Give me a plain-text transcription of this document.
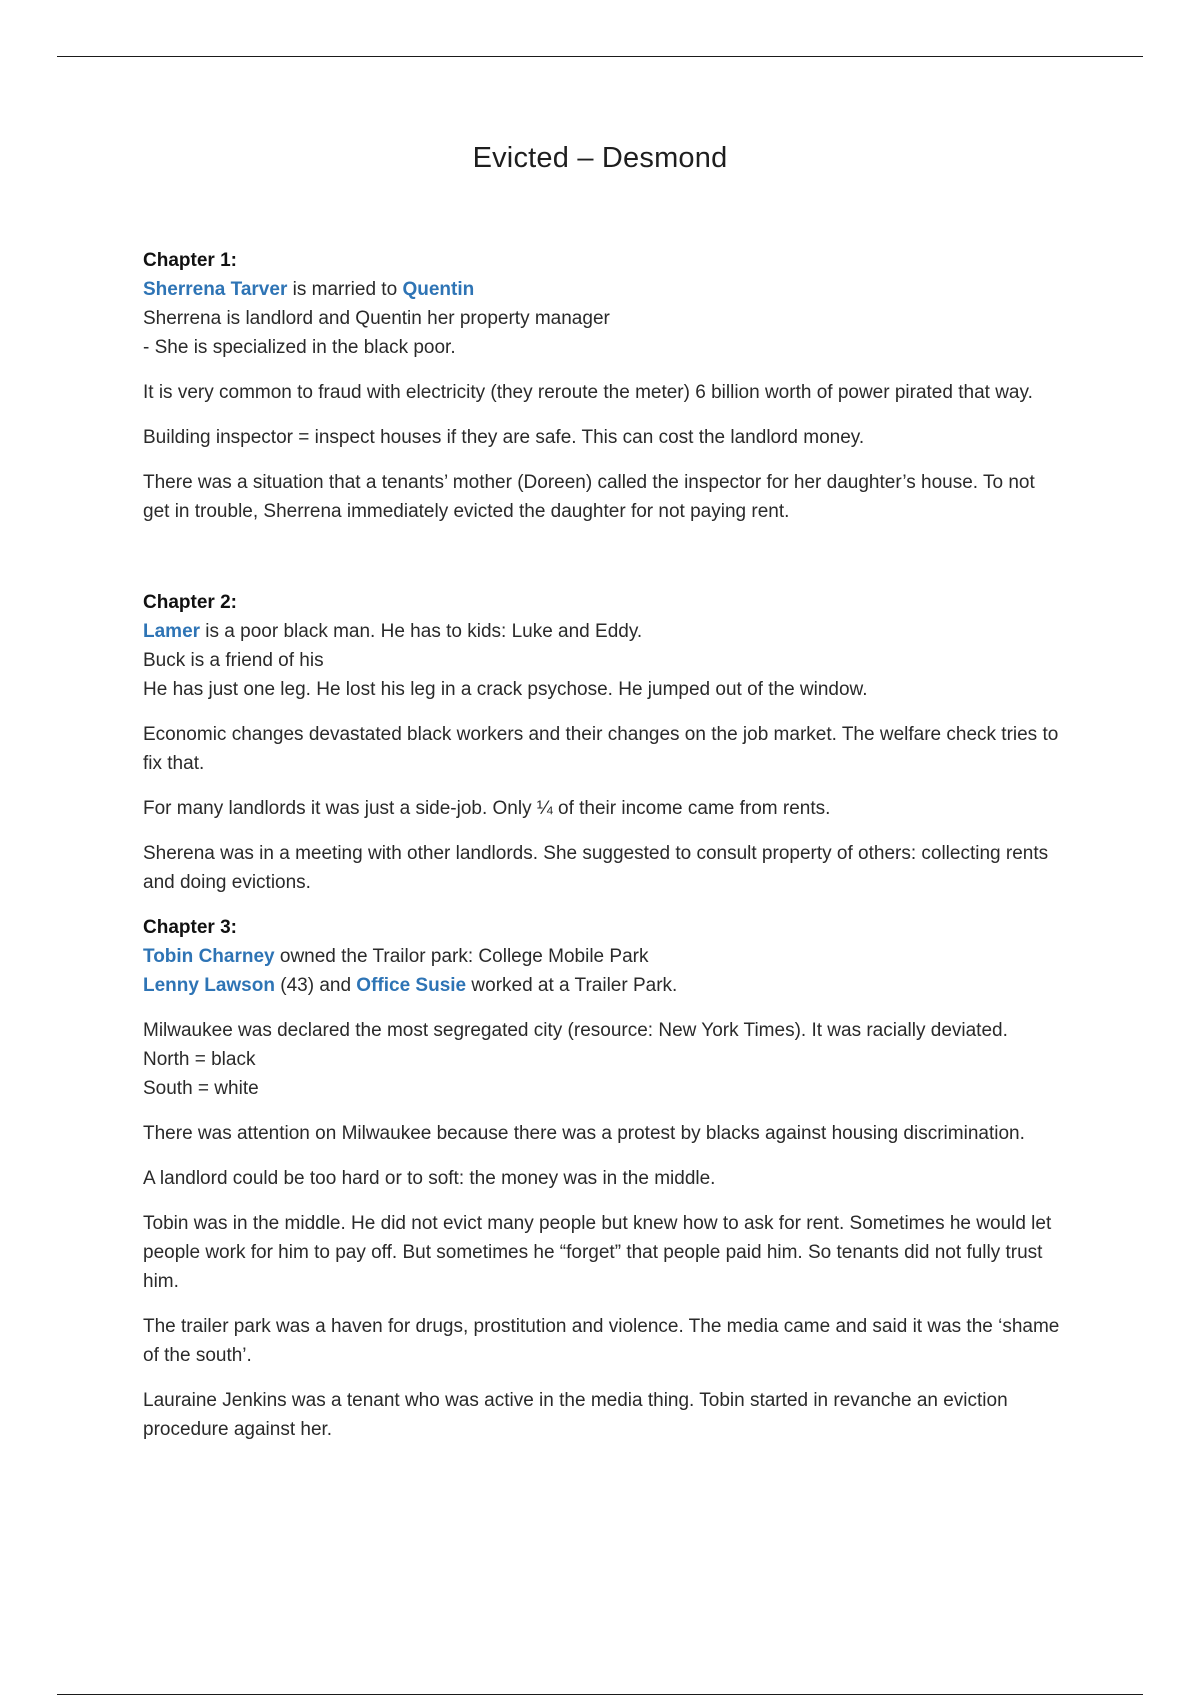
Evicted – Desmond

Chapter 1:

Sherrena Tarver is married to Quentin

Sherrena is landlord and Quentin her property manager

- She is specialized in the black poor.

It is very common to fraud with electricity (they reroute the meter) 6 billion worth of power pirated that way.

Building inspector = inspect houses if they are safe. This can cost the landlord money.

There was a situation that a tenants’ mother (Doreen) called the inspector for her daughter’s house. To not get in trouble, Sherrena immediately evicted the daughter for not paying rent.

Chapter 2:

Lamer is a poor black man. He has to kids: Luke and Eddy.

Buck is a friend of his

He has just one leg. He lost his leg in a crack psychose. He jumped out of the window.

Economic changes devastated black workers and their changes on the job market. The welfare check tries to fix that.

For many landlords it was just a side-job. Only ¼ of their income came from rents.

Sherena was in a meeting with other landlords. She suggested to consult property of others: collecting rents and doing evictions.

Chapter 3:

Tobin Charney owned the Trailor park: College Mobile Park

Lenny Lawson (43) and Office Susie worked at a Trailer Park.

Milwaukee was declared the most segregated city (resource: New York Times). It was racially deviated.

North = black

South = white

There was attention on Milwaukee because there was a protest by blacks against housing discrimination.

A landlord could be too hard or to soft: the money was in the middle.

Tobin was in the middle. He did not evict many people but knew how to ask for rent. Sometimes he would let people work for him to pay off. But sometimes he “forget” that people paid him. So tenants did not fully trust him.

The trailer park was a haven for drugs, prostitution and violence. The media came and said it was the ‘shame of the south’.

Lauraine Jenkins was a tenant who was active in the media thing. Tobin started in revanche an eviction procedure against her.
